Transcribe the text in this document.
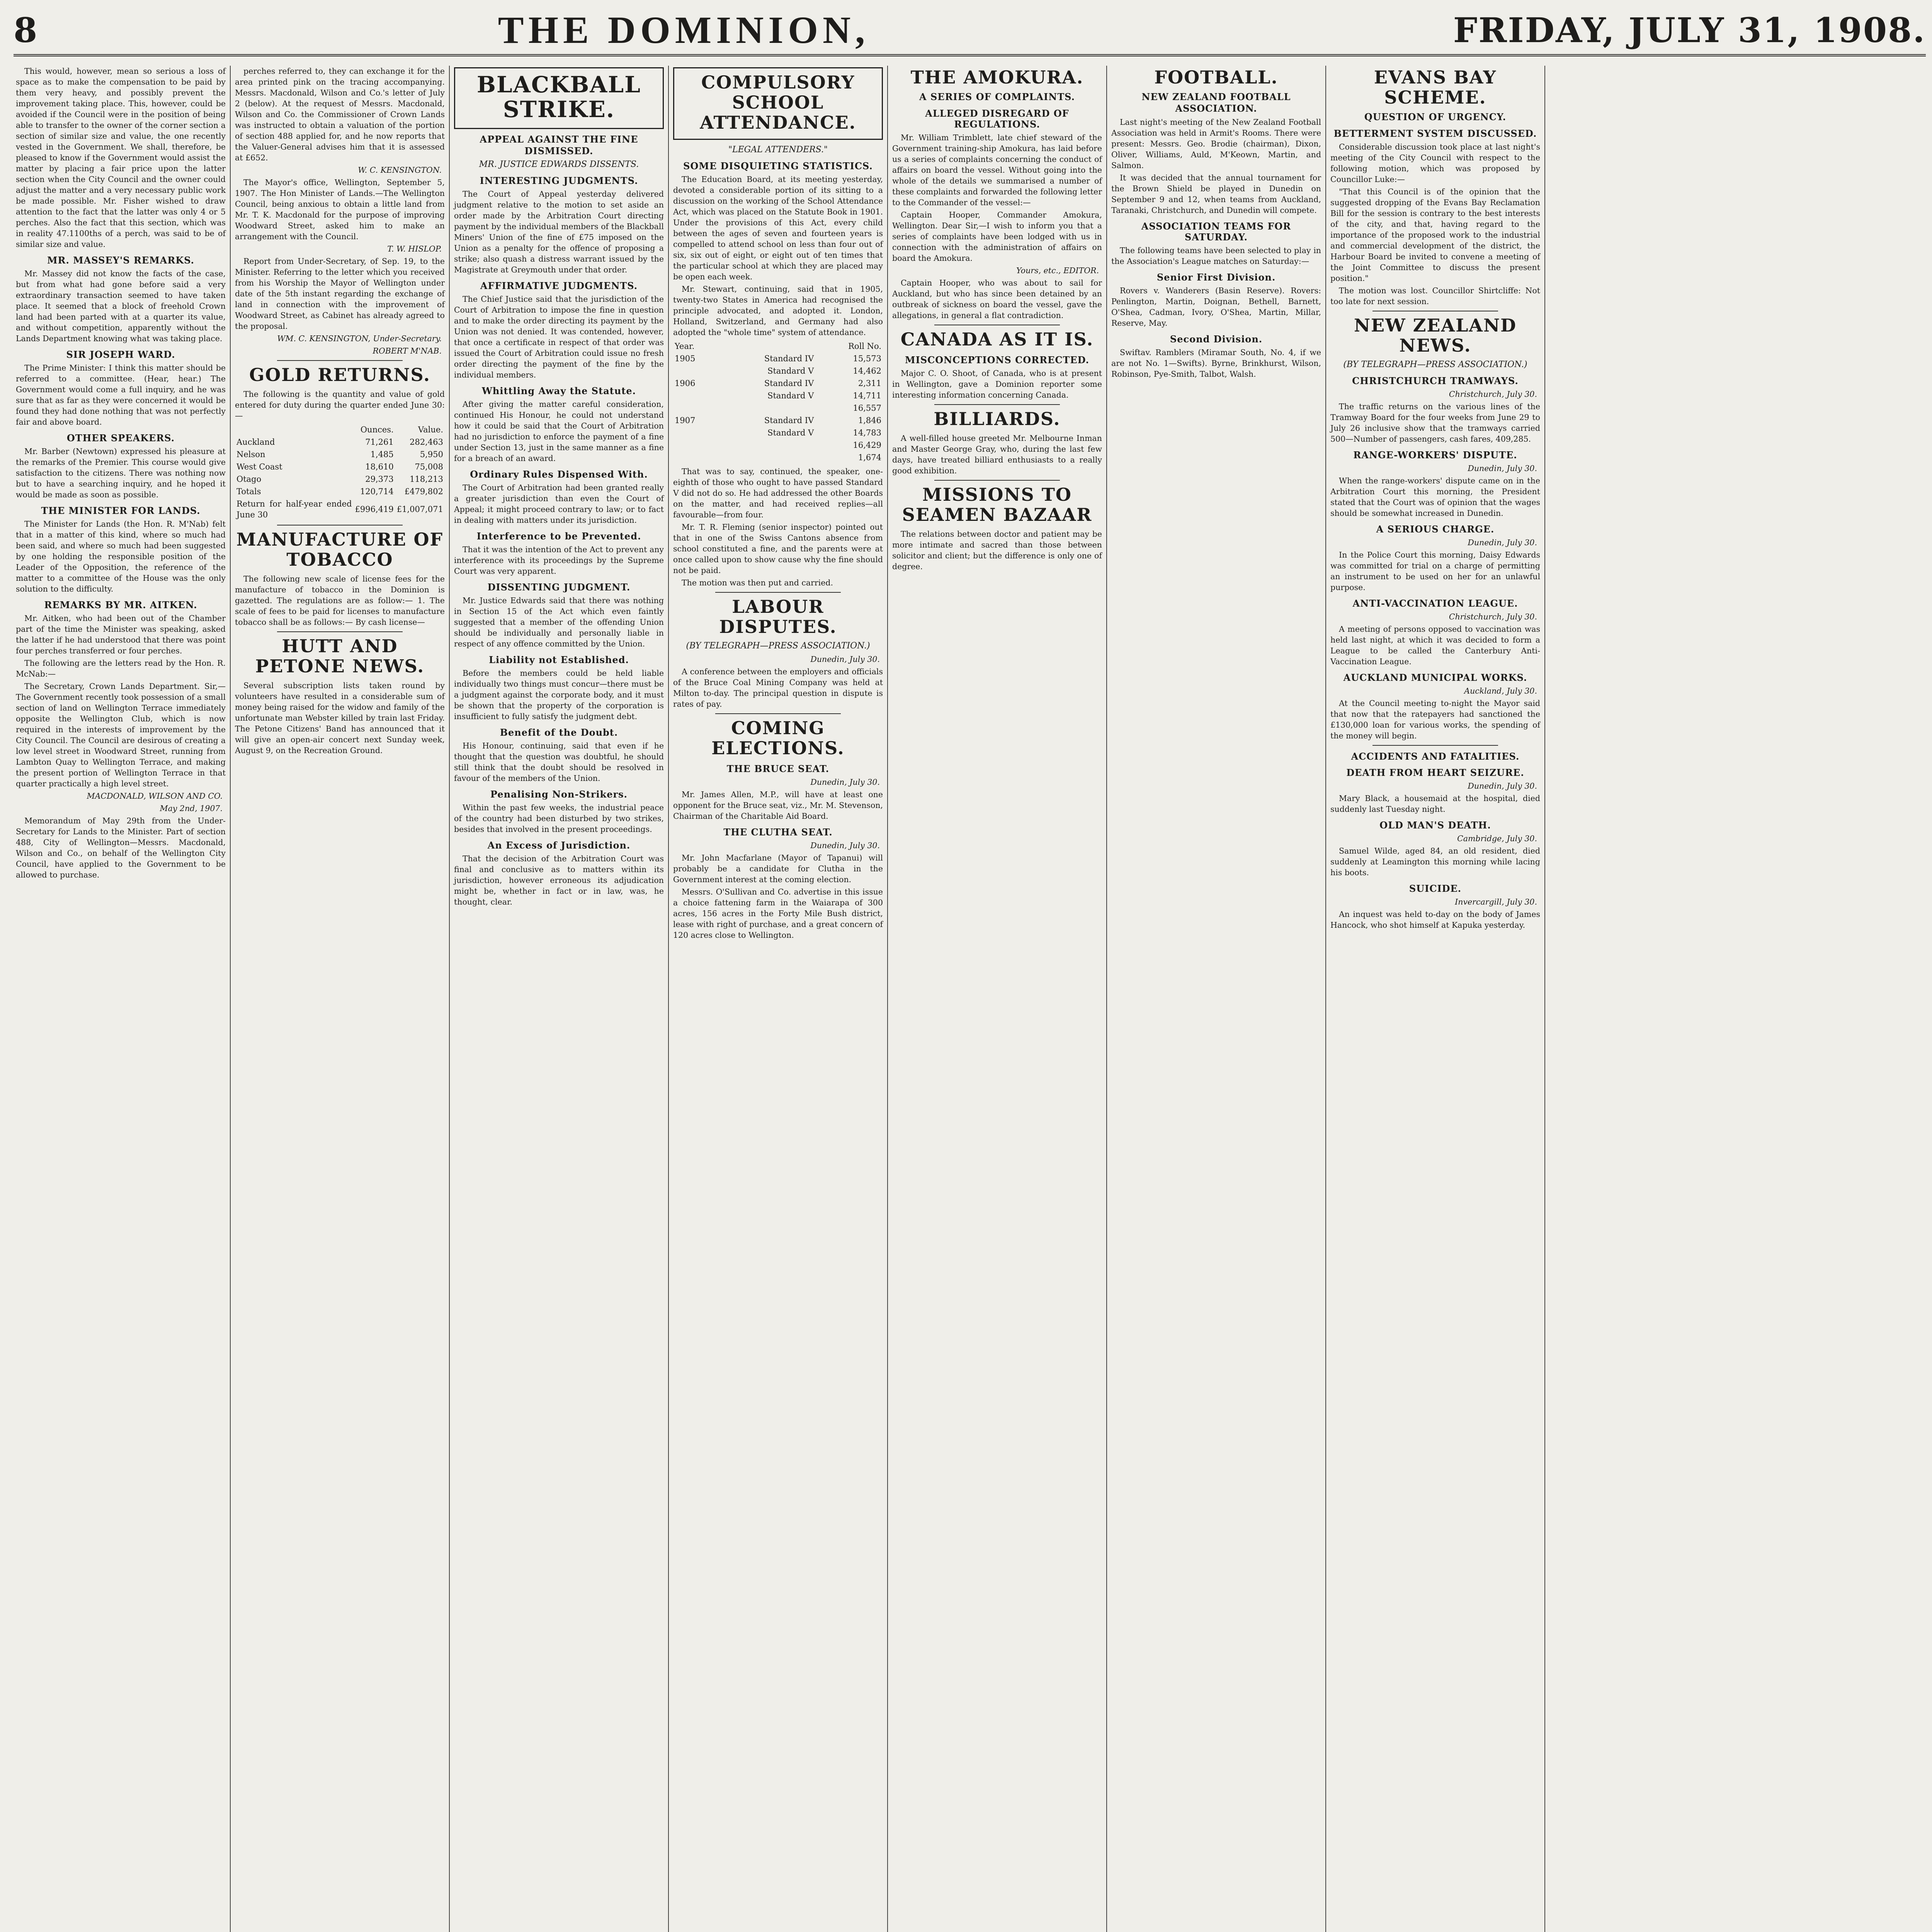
8	THE DOMINION,	FRIDAY, JULY 31, 1908.

This would, however, mean so serious a loss of space as to make the compensation to be paid by them very heavy, and possibly prevent the improvement taking place. This, however, could be avoided if the Council were in the position of being able to transfer to the owner of the corner section a section of similar size and value, the one recently vested in the Government. We shall, therefore, be pleased to know if the Government would assist the matter by placing a fair price upon the latter section when the City Council and the owner could adjust the matter and a very necessary public work be made possible. Mr. Fisher wished to draw attention to the fact that the latter was only 4 or 5 perches. Also the fact that this section, which was in reality 47.1100ths of a perch, was said to be of similar size and value.

MR. MASSEY'S REMARKS.

Mr. Massey did not know the facts of the case, but from what had gone before said a very extraordinary transaction seemed to have taken place. It seemed that a block of freehold Crown land had been parted with at a quarter its value, and without competition, apparently without the Lands Department knowing what was taking place.

SIR JOSEPH WARD.

The Prime Minister: I think this matter should be referred to a committee. (Hear, hear.) The Government would come a full inquiry, and he was sure that as far as they were concerned it would be found they had done nothing that was not perfectly fair and above board.

OTHER SPEAKERS.

Mr. Barber (Newtown) expressed his pleasure at the remarks of the Premier. This course would give satisfaction to the citizens. There was nothing now but to have a searching inquiry, and he hoped it would be made as soon as possible.

THE MINISTER FOR LANDS.

The Minister for Lands (the Hon. R. M'Nab) felt that in a matter of this kind, where so much had been said, and where so much had been suggested by one holding the responsible position of the Leader of the Opposition, the reference of the matter to a committee of the House was the only solution to the difficulty.

REMARKS BY MR. AITKEN.

Mr. Aitken, who had been out of the Chamber part of the time the Minister was speaking, asked the latter if he had understood that there was point four perches transferred or four perches.

The following are the letters read by the Hon. R. McNab:—

The Secretary, Crown Lands Department. Sir,—The Government recently took possession of a small section of land on Wellington Terrace immediately opposite the Wellington Club, which is now required in the interests of improvement by the City Council. The Council are desirous of creating a low level street in Woodward Street, running from Lambton Quay to Wellington Terrace, and making the present portion of Wellington Terrace in that quarter practically a high level street.

MACDONALD, WILSON AND CO.
May 2nd, 1907.

Memorandum of May 29th from the Under-Secretary for Lands to the Minister. Part of section 488, City of Wellington—Messrs. Macdonald, Wilson and Co., on behalf of the Wellington City Council, have applied to the Government to be allowed to purchase.

perches referred to, they can exchange it for the area printed pink on the tracing accompanying. Messrs. Macdonald, Wilson and Co.'s letter of July 2 (below). At the request of Messrs. Macdonald, Wilson and Co. the Commissioner of Crown Lands was instructed to obtain a valuation of the portion of section 488 applied for, and he now reports that the Valuer-General advises him that it is assessed at £652.

W. C. KENSINGTON.

The Mayor's office, Wellington, September 5, 1907. The Hon Minister of Lands.—The Wellington Council, being anxious to obtain a little land from Mr. T. K. Macdonald for the purpose of improving Woodward Street, asked him to make an arrangement with the Council.

T. W. HISLOP.

Report from Under-Secretary, of Sep. 19, to the Minister. Referring to the letter which you received from his Worship the Mayor of Wellington under date of the 5th instant regarding the exchange of land in connection with the improvement of Woodward Street, as Cabinet has already agreed to the proposal.

WM. C. KENSINGTON, Under-Secretary.
ROBERT M'NAB.
GOLD RETURNS.

The following is the quantity and value of gold entered for duty during the quarter ended June 30:—

	Ounces.	Value.
Auckland	71,261	282,463
Nelson	1,485	5,950
West Coast	18,610	75,008
Otago	29,373	118,213
Totals	120,714	£479,802
Return for half-year ended June 30	£996,419	£1,007,071
MANUFACTURE OF TOBACCO

The following new scale of license fees for the manufacture of tobacco in the Dominion is gazetted. The regulations are as follow:— 1. The scale of fees to be paid for licenses to manufacture tobacco shall be as follows:— By cash license—

HUTT AND PETONE NEWS.

Several subscription lists taken round by volunteers have resulted in a considerable sum of money being raised for the widow and family of the unfortunate man Webster killed by train last Friday. The Petone Citizens' Band has announced that it will give an open-air concert next Sunday week, August 9, on the Recreation Ground.

BLACKBALL STRIKE.
APPEAL AGAINST THE FINE DISMISSED.
MR. JUSTICE EDWARDS DISSENTS.
INTERESTING JUDGMENTS.

The Court of Appeal yesterday delivered judgment relative to the motion to set aside an order made by the Arbitration Court directing payment by the individual members of the Blackball Miners' Union of the fine of £75 imposed on the Union as a penalty for the offence of proposing a strike; also quash a distress warrant issued by the Magistrate at Greymouth under that order.

AFFIRMATIVE JUDGMENTS.

The Chief Justice said that the jurisdiction of the Court of Arbitration to impose the fine in question and to make the order directing its payment by the Union was not denied. It was contended, however, that once a certificate in respect of that order was issued the Court of Arbitration could issue no fresh order directing the payment of the fine by the individual members.

Whittling Away the Statute.

After giving the matter careful consideration, continued His Honour, he could not understand how it could be said that the Court of Arbitration had no jurisdiction to enforce the payment of a fine under Section 13, just in the same manner as a fine for a breach of an award.

Ordinary Rules Dispensed With.

The Court of Arbitration had been granted really a greater jurisdiction than even the Court of Appeal; it might proceed contrary to law; or to fact in dealing with matters under its jurisdiction.

Interference to be Prevented.

That it was the intention of the Act to prevent any interference with its proceedings by the Supreme Court was very apparent.

DISSENTING JUDGMENT.

Mr. Justice Edwards said that there was nothing in Section 15 of the Act which even faintly suggested that a member of the offending Union should be individually and personally liable in respect of any offence committed by the Union.

Liability not Established.

Before the members could be held liable individually two things must concur—there must be a judgment against the corporate body, and it must be shown that the property of the corporation is insufficient to fully satisfy the judgment debt.

Benefit of the Doubt.

His Honour, continuing, said that even if he thought that the question was doubtful, he should still think that the doubt should be resolved in favour of the members of the Union.

Penalising Non-Strikers.

Within the past few weeks, the industrial peace of the country had been disturbed by two strikes, besides that involved in the present proceedings.

An Excess of Jurisdiction.

That the decision of the Arbitration Court was final and conclusive as to matters within its jurisdiction, however erroneous its adjudication might be, whether in fact or in law, was, he thought, clear.

COMPULSORY SCHOOL ATTENDANCE.
"LEGAL ATTENDERS."
SOME DISQUIETING STATISTICS.

The Education Board, at its meeting yesterday, devoted a considerable portion of its sitting to a discussion on the working of the School Attendance Act, which was placed on the Statute Book in 1901. Under the provisions of this Act, every child between the ages of seven and fourteen years is compelled to attend school on less than four out of six, six out of eight, or eight out of ten times that the particular school at which they are placed may be open each week.

Mr. Stewart, continuing, said that in 1905, twenty-two States in America had recognised the principle advocated, and adopted it. London, Holland, Switzerland, and Germany had also adopted the "whole time" system of attendance.

Year.		Roll No.
1905	Standard IV	15,573
	Standard V	14,462
1906	Standard IV	2,311
	Standard V	14,711
		16,557
1907	Standard IV	1,846
	Standard V	14,783
		16,429
		1,674

That was to say, continued, the speaker, one-eighth of those who ought to have passed Standard V did not do so. He had addressed the other Boards on the matter, and had received replies—all favourable—from four.

Mr. T. R. Fleming (senior inspector) pointed out that in one of the Swiss Cantons absence from school constituted a fine, and the parents were at once called upon to show cause why the fine should not be paid.

The motion was then put and carried.

LABOUR DISPUTES.
(BY TELEGRAPH—PRESS ASSOCIATION.)
Dunedin, July 30.

A conference between the employers and officials of the Bruce Coal Mining Company was held at Milton to-day. The principal question in dispute is rates of pay.

COMING ELECTIONS.
THE BRUCE SEAT.
Dunedin, July 30.

Mr. James Allen, M.P., will have at least one opponent for the Bruce seat, viz., Mr. M. Stevenson, Chairman of the Charitable Aid Board.

THE CLUTHA SEAT.
Dunedin, July 30.

Mr. John Macfarlane (Mayor of Tapanui) will probably be a candidate for Clutha in the Government interest at the coming election.

Messrs. O'Sullivan and Co. advertise in this issue a choice fattening farm in the Waiarapa of 300 acres, 156 acres in the Forty Mile Bush district, lease with right of purchase, and a great concern of 120 acres close to Wellington.

THE AMOKURA.
A SERIES OF COMPLAINTS.
ALLEGED DISREGARD OF REGULATIONS.

Mr. William Trimblett, late chief steward of the Government training-ship Amokura, has laid before us a series of complaints concerning the conduct of affairs on board the vessel. Without going into the whole of the details we summarised a number of these complaints and forwarded the following letter to the Commander of the vessel:—

Captain Hooper, Commander Amokura, Wellington. Dear Sir,—I wish to inform you that a series of complaints have been lodged with us in connection with the administration of affairs on board the Amokura.

Yours, etc., EDITOR.

Captain Hooper, who was about to sail for Auckland, but who has since been detained by an outbreak of sickness on board the vessel, gave the allegations, in general a flat contradiction.

CANADA AS IT IS.
MISCONCEPTIONS CORRECTED.

Major C. O. Shoot, of Canada, who is at present in Wellington, gave a Dominion reporter some interesting information concerning Canada.

BILLIARDS.

A well-filled house greeted Mr. Melbourne Inman and Master George Gray, who, during the last few days, have treated billiard enthusiasts to a really good exhibition.

MISSIONS TO SEAMEN BAZAAR

The relations between doctor and patient may be more intimate and sacred than those between solicitor and client; but the difference is only one of degree.

FOOTBALL.
NEW ZEALAND FOOTBALL ASSOCIATION.

Last night's meeting of the New Zealand Football Association was held in Armit's Rooms. There were present: Messrs. Geo. Brodie (chairman), Dixon, Oliver, Williams, Auld, M'Keown, Martin, and Salmon.

It was decided that the annual tournament for the Brown Shield be played in Dunedin on September 9 and 12, when teams from Auckland, Taranaki, Christchurch, and Dunedin will compete.

ASSOCIATION TEAMS FOR SATURDAY.

The following teams have been selected to play in the Association's League matches on Saturday:—

Senior First Division.

Rovers v. Wanderers (Basin Reserve). Rovers: Penlington, Martin, Doignan, Bethell, Barnett, O'Shea, Cadman, Ivory, O'Shea, Martin, Millar, Reserve, May.

Second Division.

Swiftav. Ramblers (Miramar South, No. 4, if we are not No. 1—Swifts). Byrne, Brinkhurst, Wilson, Robinson, Pye-Smith, Talbot, Walsh.

EVANS BAY SCHEME.
QUESTION OF URGENCY.
BETTERMENT SYSTEM DISCUSSED.

Considerable discussion took place at last night's meeting of the City Council with respect to the following motion, which was proposed by Councillor Luke:—

"That this Council is of the opinion that the suggested dropping of the Evans Bay Reclamation Bill for the session is contrary to the best interests of the city, and that, having regard to the importance of the proposed work to the industrial and commercial development of the district, the Harbour Board be invited to convene a meeting of the Joint Committee to discuss the present position."

The motion was lost. Councillor Shirtcliffe: Not too late for next session.

NEW ZEALAND NEWS.
(BY TELEGRAPH—PRESS ASSOCIATION.)
CHRISTCHURCH TRAMWAYS.
Christchurch, July 30.

The traffic returns on the various lines of the Tramway Board for the four weeks from June 29 to July 26 inclusive show that the tramways carried 500—Number of passengers, cash fares, 409,285.

RANGE-WORKERS' DISPUTE.
Dunedin, July 30.

When the range-workers' dispute came on in the Arbitration Court this morning, the President stated that the Court was of opinion that the wages should be somewhat increased in Dunedin.

A SERIOUS CHARGE.
Dunedin, July 30.

In the Police Court this morning, Daisy Edwards was committed for trial on a charge of permitting an instrument to be used on her for an unlawful purpose.

ANTI-VACCINATION LEAGUE.
Christchurch, July 30.

A meeting of persons opposed to vaccination was held last night, at which it was decided to form a League to be called the Canterbury Anti-Vaccination League.

AUCKLAND MUNICIPAL WORKS.
Auckland, July 30.

At the Council meeting to-night the Mayor said that now that the ratepayers had sanctioned the £130,000 loan for various works, the spending of the money will begin.

ACCIDENTS AND FATALITIES.
DEATH FROM HEART SEIZURE.
Dunedin, July 30.

Mary Black, a housemaid at the hospital, died suddenly last Tuesday night.

OLD MAN'S DEATH.
Cambridge, July 30.

Samuel Wilde, aged 84, an old resident, died suddenly at Leamington this morning while lacing his boots.

SUICIDE.
Invercargill, July 30.

An inquest was held to-day on the body of James Hancock, who shot himself at Kapuka yesterday.
